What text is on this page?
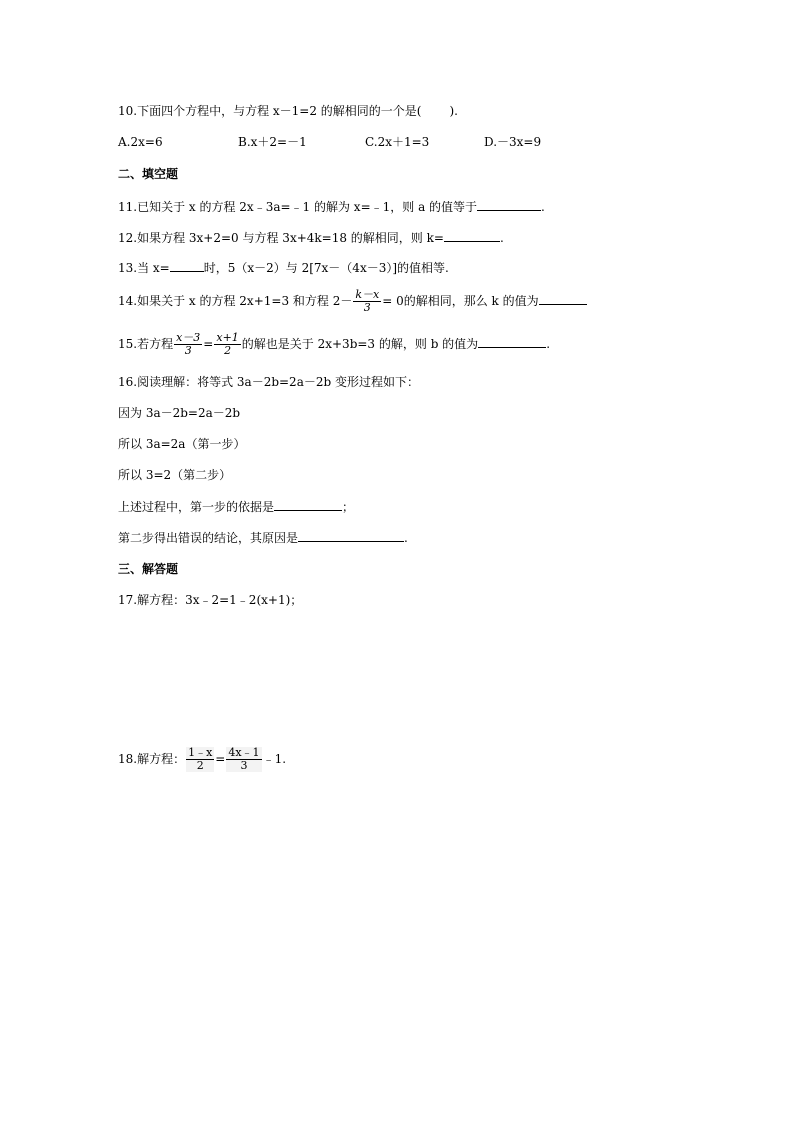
10.下面四个方程中，与方程 x－1=2 的解相同的一个是( ).
A.2x=6	B.x＋2=－1	C.2x＋1=3	D.－3x=9
二、填空题
11.已知关于 x 的方程 2x﹣3a=﹣1 的解为 x=﹣1，则 a 的值等于	.
12.如果方程 3x+2=0 与方程 3x+4k=18 的解相同，则 k=	.
13.当 x=	时，5（x－2）与 2[7x－（4x－3）]的值相等.
14.如果关于 x 的方程 2x+1=3 和方程 $2- \frac{k-x}{3} = 0$的解相同，那么 k 的值为
15.若方程 $\frac{x-3}{3} = \frac{x+1}{2}$ 的解也是关于 2x+3b=3 的解，则 b 的值为	.
16.阅读理解：将等式 3a－2b=2a－2b 变形过程如下：
因为 3a－2b=2a－2b
所以 3a=2a（第一步）
所以 3=2（第二步）
上述过程中，第一步的依据是	；
第二步得出错误的结论，其原因是	.
三、解答题
17.解方程：3x﹣2=1﹣2(x+1)；
18.解方程： $\frac{1﹣x}{2} = \frac{4x﹣1}{3}$ ﹣1.
